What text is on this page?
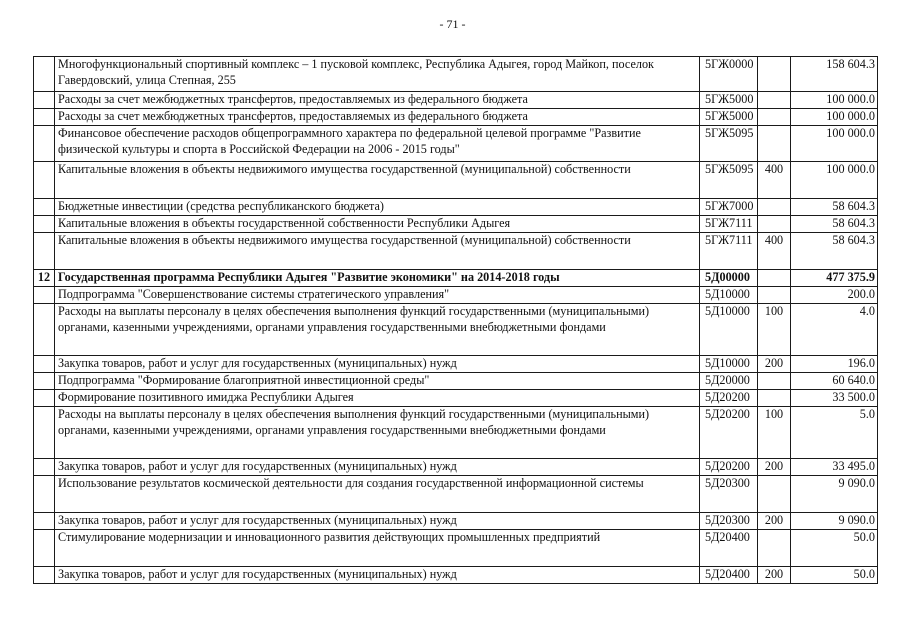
- 71 -
	Многофункциональный спортивный комплекс – 1 пусковой комплекс, Республика Адыгея, город Майкоп, поселок Гавердовский, улица Степная, 255	5ГЖ0000		158 604.3
	Расходы за счет межбюджетных трансфертов, предоставляемых из федерального бюджета	5ГЖ5000		100 000.0
	Расходы за счет межбюджетных трансфертов, предоставляемых из федерального бюджета	5ГЖ5000		100 000.0
	Финансовое обеспечение расходов общепрограммного характера по федеральной целевой программе "Развитие физической культуры и спорта в Российской Федерации на 2006 - 2015 годы"	5ГЖ5095		100 000.0
	Капитальные вложения в объекты недвижимого имущества государственной (муниципальной) собственности	5ГЖ5095	400	100 000.0
	Бюджетные инвестиции (средства республиканского бюджета)	5ГЖ7000		58 604.3
	Капитальные вложения в объекты государственной собственности Республики Адыгея	5ГЖ7111		58 604.3
	Капитальные вложения в объекты недвижимого имущества государственной (муниципальной) собственности	5ГЖ7111	400	58 604.3
12	Государственная программа Республики Адыгея "Развитие экономики" на 2014-2018 годы	5Д00000		477 375.9
	Подпрограмма "Совершенствование системы стратегического управления"	5Д10000		200.0
	Расходы на выплаты персоналу в целях обеспечения выполнения функций государственными (муниципальными) органами, казенными учреждениями, органами управления государственными внебюджетными фондами	5Д10000	100	4.0
	Закупка товаров, работ и услуг для государственных (муниципальных) нужд	5Д10000	200	196.0
	Подпрограмма "Формирование благоприятной инвестиционной среды"	5Д20000		60 640.0
	Формирование позитивного имиджа Республики Адыгея	5Д20200		33 500.0
	Расходы на выплаты персоналу в целях обеспечения выполнения функций государственными (муниципальными) органами, казенными учреждениями, органами управления государственными внебюджетными фондами	5Д20200	100	5.0
	Закупка товаров, работ и услуг для государственных (муниципальных) нужд	5Д20200	200	33 495.0
	Использование результатов космической деятельности для создания государственной информационной системы	5Д20300		9 090.0
	Закупка товаров, работ и услуг для государственных (муниципальных) нужд	5Д20300	200	9 090.0
	Стимулирование модернизации и инновационного развития действующих промышленных предприятий	5Д20400		50.0
	Закупка товаров, работ и услуг для государственных (муниципальных) нужд	5Д20400	200	50.0
